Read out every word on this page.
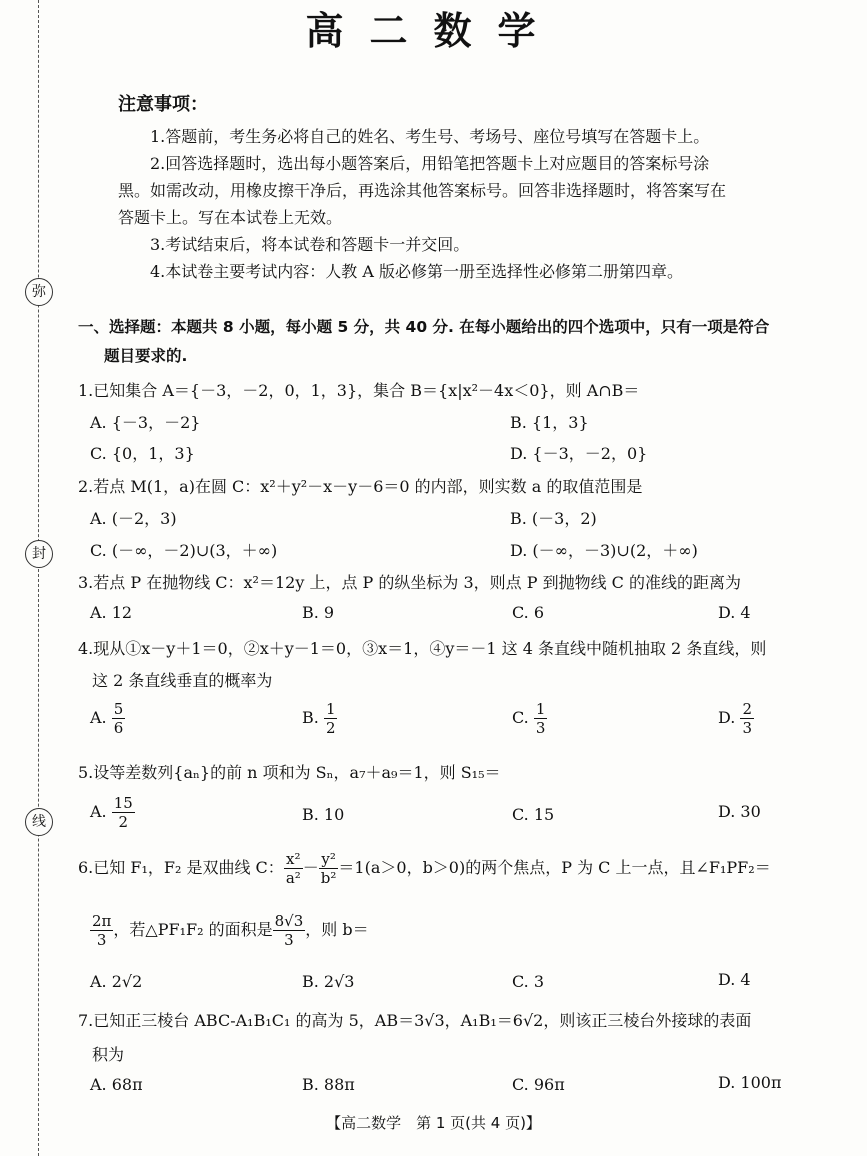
弥
封
线
高二数学
注意事项：
1.答题前，考生务必将自己的姓名、考生号、考场号、座位号填写在答题卡上。
2.回答选择题时，选出每小题答案后，用铅笔把答题卡上对应题目的答案标号涂
黑。如需改动，用橡皮擦干净后，再选涂其他答案标号。回答非选择题时，将答案写在
答题卡上。写在本试卷上无效。
3.考试结束后，将本试卷和答题卡一并交回。
4.本试卷主要考试内容：人教 A 版必修第一册至选择性必修第二册第四章。
一、选择题：本题共 8 小题，每小题 5 分，共 40 分. 在每小题给出的四个选项中，只有一项是符合
题目要求的.
1.已知集合 A＝{－3，－2，0，1，3}，集合 B＝{x|x²－4x＜0}，则 A∩B＝
A. {－3，－2}	B. {1，3}
C. {0，1，3}	D. {－3，－2，0}
2.若点 M(1，a)在圆 C：x²＋y²－x－y－6＝0 的内部，则实数 a 的取值范围是
A. (－2，3)	B. (－3，2)
C. (－∞，－2)∪(3，＋∞)	D. (－∞，－3)∪(2，＋∞)
3.若点 P 在抛物线 C：x²＝12y 上，点 P 的纵坐标为 3，则点 P 到抛物线 C 的准线的距离为
A. 12	B. 9	C. 6	D. 4
4.现从①x－y＋1＝0，②x＋y－1＝0，③x＝1，④y＝－1 这 4 条直线中随机抽取 2 条直线，则
这 2 条直线垂直的概率为
A. $\frac{5}{6}$	B. $\frac{1}{2}$	C. $\frac{1}{3}$	D. $\frac{2}{3}$
5.设等差数列{aₙ}的前 n 项和为 Sₙ，a₇＋a₉＝1，则 S₁₅＝
A. $\frac{15}{2}$	B. 10	C. 15	D. 30
6.已知 F₁，F₂ 是双曲线 C： $\frac{\text{x²}}{\text{a²}} - \frac{\text{y²}}{\text{b²}} =1(a>0$，b＞0)的两个焦点，P 为 C 上一点，且∠F₁PF₂＝
$\frac{2\pi}{3}$ ，若△PF₁F₂ 的面积是 $\frac{8√3}{3}$ ，则 b＝
A. 2√2	B. 2√3	C. 3	D. 4
7.已知正三棱台 ABC-A₁B₁C₁ 的高为 5，AB＝3√3，A₁B₁＝6√2，则该正三棱台外接球的表面
积为
A. 68π	B. 88π	C. 96π	D. 100π
【高二数学　第 1 页(共 4 页)】
